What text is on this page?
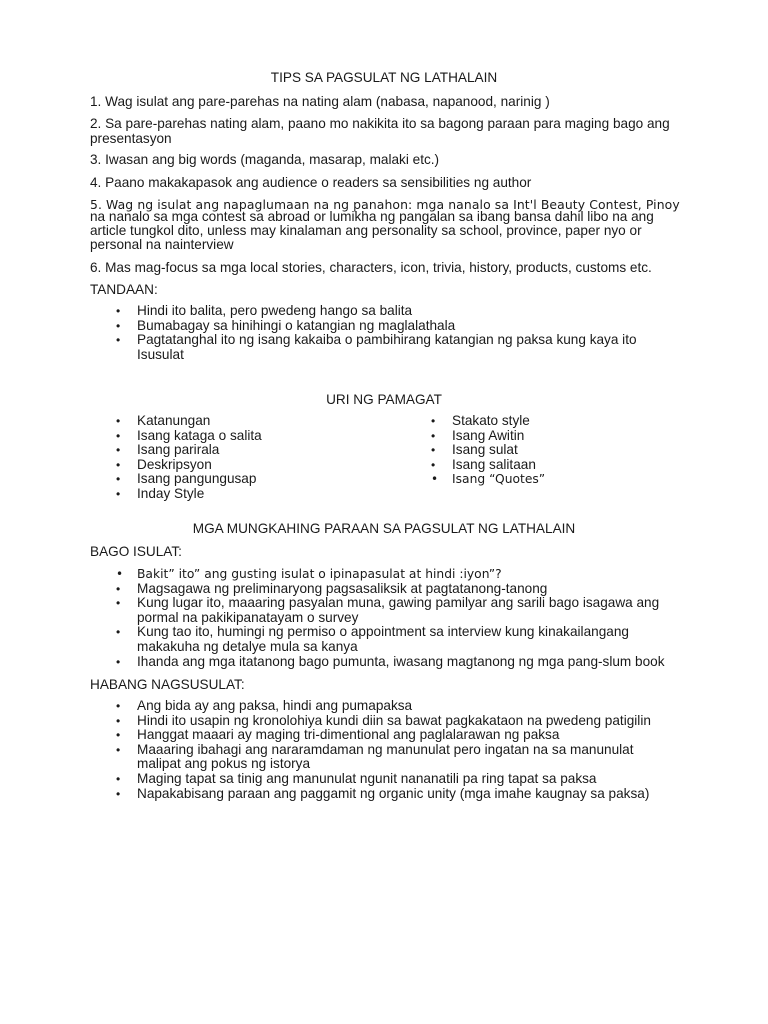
TIPS SA PAGSULAT NG LATHALAIN
1. Wag isulat ang pare-parehas na nating alam (nabasa, napanood, narinig )
2. Sa pare-parehas nating alam, paano mo nakikita ito sa bagong paraan para maging bago ang presentasyon
3. Iwasan ang big words (maganda, masarap, malaki etc.)
4. Paano makakapasok ang audience o readers sa sensibilities ng author
5. Wag ng isulat ang napaglumaan na ng panahon: mga nanalo sa Int'l Beauty Contest, Pinoy
na nanalo sa mga contest sa abroad or lumikha ng pangalan sa ibang bansa dahil libo na ang article tungkol dito, unless may kinalaman ang personality sa school, province, paper nyo or personal na nainterview
6. Mas mag-focus sa mga local stories, characters, icon, trivia, history, products, customs etc.
TANDAAN:
• Hindi ito balita, pero pwedeng hango sa balita
• Bumabagay sa hinihingi o katangian ng maglalathala
• Pagtatanghal ito ng isang kakaiba o pambihirang katangian ng paksa kung kaya ito Isusulat
URI NG PAMAGAT
• Katanungan
• Isang kataga o salita
• Isang parirala
• Deskripsyon
• Isang pangungusap
• Inday Style
• Stakato style
• Isang Awitin
• Isang sulat
• Isang salitaan
• Isang “Quotes”
MGA MUNGKAHING PARAAN SA PAGSULAT NG LATHALAIN
BAGO ISULAT:
• Bakit” ito” ang gusting isulat o ipinapasulat at hindi :iyon”?
• Magsagawa ng preliminaryong pagsasaliksik at pagtatanong-tanong
• Kung lugar ito, maaaring pasyalan muna, gawing pamilyar ang sarili bago isagawa ang pormal na pakikipanatayam o survey
• Kung tao ito, humingi ng permiso o appointment sa interview kung kinakailangang makakuha ng detalye mula sa kanya
• Ihanda ang mga itatanong bago pumunta, iwasang magtanong ng mga pang-slum book
HABANG NAGSUSULAT:
• Ang bida ay ang paksa, hindi ang pumapaksa
• Hindi ito usapin ng kronolohiya kundi diin sa bawat pagkakataon na pwedeng patigilin
• Hanggat maaari ay maging tri-dimentional ang paglalarawan ng paksa
• Maaaring ibahagi ang nararamdaman ng manunulat pero ingatan na sa manunulat malipat ang pokus ng istorya
• Maging tapat sa tinig ang manunulat ngunit nananatili pa ring tapat sa paksa
• Napakabisang paraan ang paggamit ng organic unity (mga imahe kaugnay sa paksa)
